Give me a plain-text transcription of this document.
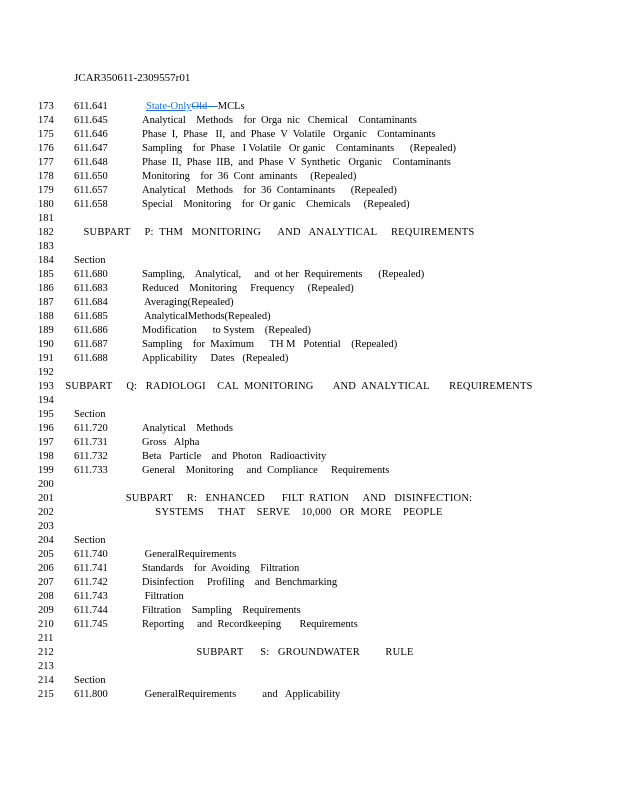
JCAR350611-2309557r01
173	611.641	State-OnlyOld MCLs
174	611.645	Analytical    Methods    for  Orga  nic   Chemical    Contaminants
175	611.646	Phase  I,  Phase   II,  and  Phase  V  Volatile   Organic    Contaminants
176	611.647	Sampling    for  Phase   I Volatile   Or ganic    Contaminants      (Repealed)
177	611.648	Phase  II,  Phase  IIB,  and  Phase  V  Synthetic   Organic    Contaminants
178	611.650	Monitoring    for  36  Cont  aminants     (Repealed)
179	611.657	Analytical    Methods    for  36  Contaminants      (Repealed)
180	611.658	Special    Monitoring    for  Or ganic    Chemicals     (Repealed)
181
182	SUBPART     P:  THM   MONITORING      AND   ANALYTICAL     REQUIREMENTS
183
184	Section
185	611.680	Sampling,    Analytical,     and  ot her  Requirements      (Repealed)
186	611.683	Reduced    Monitoring     Frequency     (Repealed)
187	611.684	Averaging(Repealed)
188	611.685	AnalyticalMethods(Repealed)
189	611.686	Modification      to System    (Repealed)
190	611.687	Sampling    for  Maximum      TH M   Potential    (Repealed)
191	611.688	Applicability     Dates   (Repealed)
192
193	SUBPART     Q:   RADIOLOGI    CAL  MONITORING       AND  ANALYTICAL       REQUIREMENTS
194
195	Section
196	611.720	Analytical    Methods
197	611.731	Gross   Alpha
198	611.732	Beta   Particle    and  Photon   Radioactivity
199	611.733	General    Monitoring     and  Compliance     Requirements
200
201	SUBPART     R:   ENHANCED      FILT  RATION     AND   DISINFECTION:
202	SYSTEMS     THAT    SERVE    10,000   OR  MORE    PEOPLE
203
204	Section
205	611.740	GeneralRequirements
206	611.741	Standards    for  Avoiding    Filtration
207	611.742	Disinfection     Profiling    and  Benchmarking
208	611.743	Filtration
209	611.744	Filtration    Sampling    Requirements
210	611.745	Reporting     and  Recordkeeping       Requirements
211
212	SUBPART      S:   GROUNDWATER         RULE
213
214	Section
215	611.800	GeneralRequirements          and   Applicability
